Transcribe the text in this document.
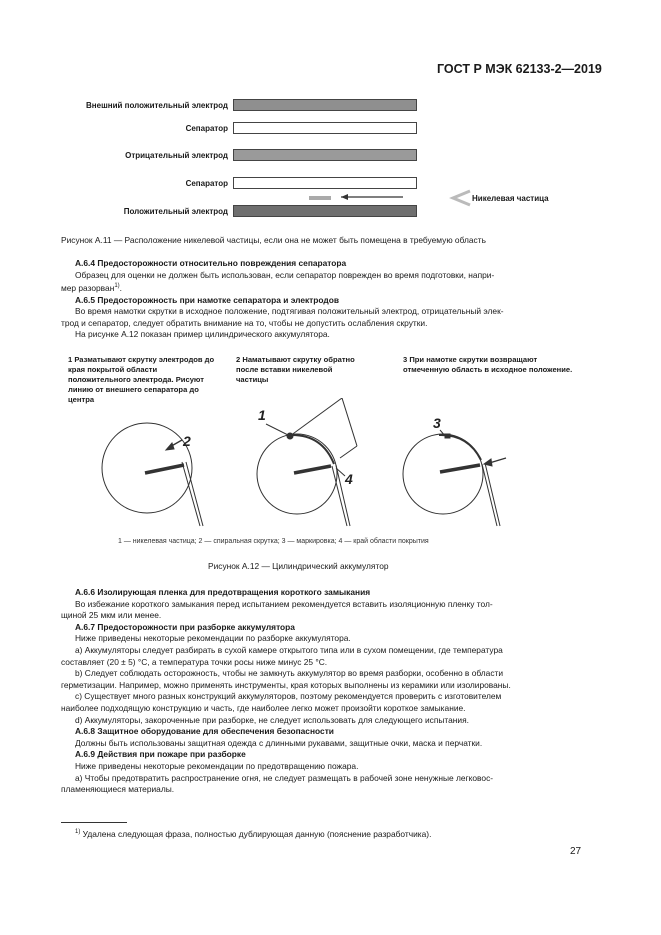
ГОСТ Р МЭК 62133-2—2019
Внешний положительный электрод
Сепаратор
Отрицательный электрод
Сепаратор
Положительный электрод
Никелевая частица
Рисунок А.11 — Расположение никелевой частицы, если она не может быть помещена в требуемую область

А.6.4 Предосторожности относительно повреждения сепаратора

Образец для оценки не должен быть использован, если сепаратор поврежден во время подготовки, напри-

мер разорван$^{1)}$.

А.6.5 Предосторожность при намотке сепаратора и электродов

Во время намотки скрутки в исходное положение, подтягивая положительный электрод, отрицательный элек-

трод и сепаратор, следует обратить внимание на то, чтобы не допустить ослабления скрутки.

На рисунке А.12 показан пример цилиндрического аккумулятора.

1 Разматывают скрутку электродов до края покрытой области положительного электрода. Рисуют линию от внешнего сепаратора до центра
2 Наматывают скрутку обратно после вставки никелевой частицы
3 При намотке скрутки возвращают отмеченную область в исходное положение.
2
1
4
3
1 — никелевая частица; 2 — спиральная скрутка; 3 — маркировка; 4 — край области покрытия
Рисунок А.12 — Цилиндрический аккумулятор

А.6.6 Изолирующая пленка для предотвращения короткого замыкания

Во избежание короткого замыкания перед испытанием рекомендуется вставить изоляционную пленку тол-

щиной 25 мкм или менее.

А.6.7 Предосторожности при разборке аккумулятора

Ниже приведены некоторые рекомендации по разборке аккумулятора.

а) Аккумуляторы следует разбирать в сухой камере открытого типа или в сухом помещении, где температура

составляет (20 ± 5) °С, а температура точки росы ниже минус 25 °С.

b) Следует соблюдать осторожность, чтобы не замкнуть аккумулятор во время разборки, особенно в области

герметизации. Например, можно применять инструменты, края которых выполнены из керамики или изолированы.

с) Существует много разных конструкций аккумуляторов, поэтому рекомендуется проверить с изготовителем

наиболее подходящую конструкцию и часть, где наиболее легко может произойти короткое замыкание.

d) Аккумуляторы, закороченные при разборке, не следует использовать для следующего испытания.

А.6.8 Защитное оборудование для обеспечения безопасности

Должны быть использованы защитная одежда с длинными рукавами, защитные очки, маска и перчатки.

А.6.9 Действия при пожаре при разборке

Ниже приведены некоторые рекомендации по предотвращению пожара.

а) Чтобы предотвратить распространение огня, не следует размещать в рабочей зоне ненужные легковос-

пламеняющиеся материалы.

$^{1)}$ Удалена следующая фраза, полностью дублирующая данную (пояснение разработчика).
27
